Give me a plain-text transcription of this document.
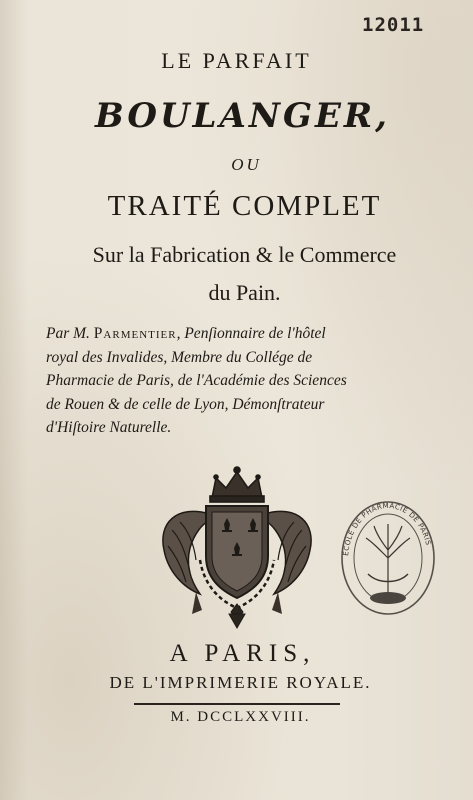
12011
LE PARFAIT
BOULANGER,
OU
TRAITÉ COMPLET
Sur la Fabrication & le Commerce
du Pain.
Par M. Parmentier, Penſionnaire de l'hôtel
royal des Invalides, Membre du Collége de
Pharmacie de Paris, de l'Académie des Sciences
de Rouen & de celle de Lyon, Démonſtrateur
d'Hiſtoire Naturelle.
ECOLE DE PHARMACIE DE PARIS
A PARIS,
DE L'IMPRIMERIE ROYALE.
M. DCCLXXVIII.
